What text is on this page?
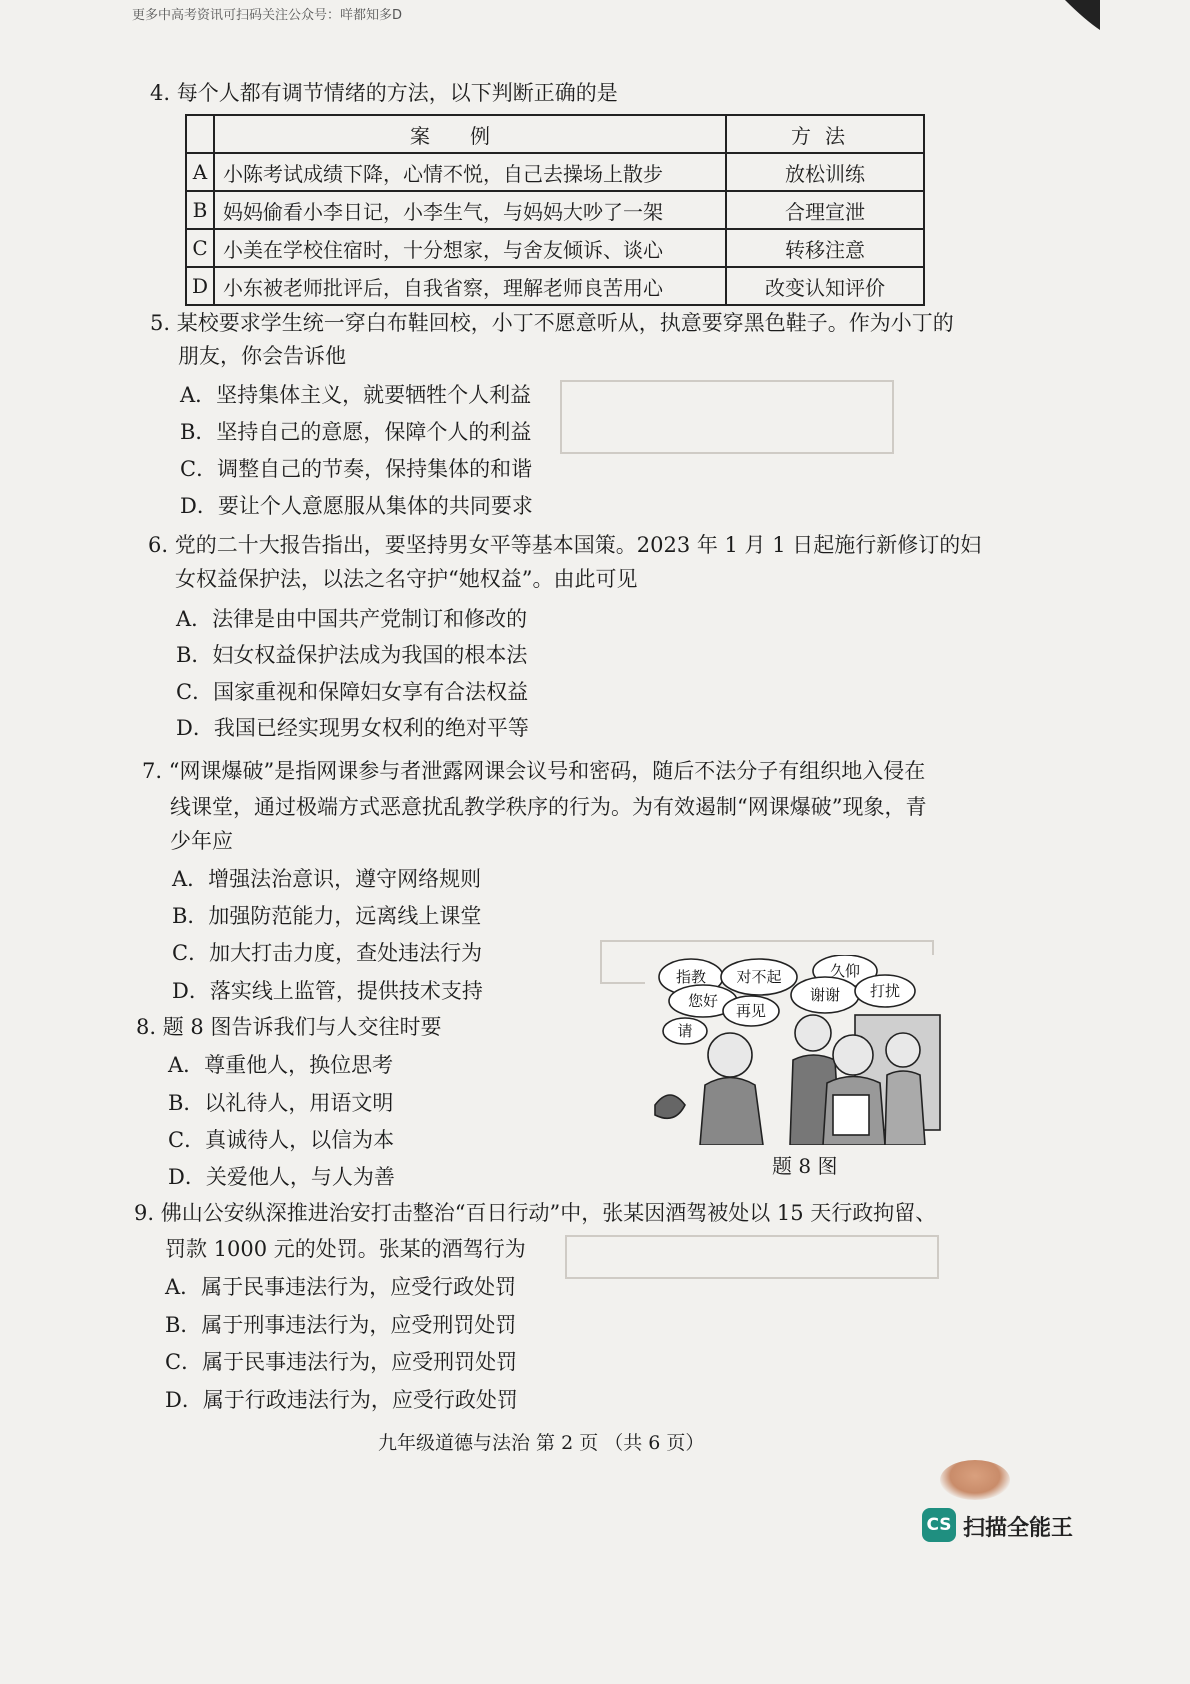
更多中高考资讯可扫码关注公众号：咩都知多D
4. 每个人都有调节情绪的方法，以下判断正确的是
	案例	方法
A	小陈考试成绩下降，心情不悦，自己去操场上散步	放松训练
B	妈妈偷看小李日记，小李生气，与妈妈大吵了一架	合理宣泄
C	小美在学校住宿时，十分想家，与舍友倾诉、谈心	转移注意
D	小东被老师批评后，自我省察，理解老师良苦用心	改变认知评价
5. 某校要求学生统一穿白布鞋回校，小丁不愿意听从，执意要穿黑色鞋子。作为小丁的
朋友，你会告诉他
A．坚持集体主义，就要牺牲个人利益
B．坚持自己的意愿，保障个人的利益
C．调整自己的节奏，保持集体的和谐
D．要让个人意愿服从集体的共同要求
6. 党的二十大报告指出，要坚持男女平等基本国策。2023 年 1 月 1 日起施行新修订的妇
女权益保护法，以法之名守护“她权益”。由此可见
A．法律是由中国共产党制订和修改的
B．妇女权益保护法成为我国的根本法
C．国家重视和保障妇女享有合法权益
D．我国已经实现男女权利的绝对平等
7. “网课爆破”是指网课参与者泄露网课会议号和密码，随后不法分子有组织地入侵在
线课堂，通过极端方式恶意扰乱教学秩序的行为。为有效遏制“网课爆破”现象，青
少年应
A．增强法治意识，遵守网络规则
B．加强防范能力，远离线上课堂
C．加大打击力度，查处违法行为
D．落实线上监管，提供技术支持
8. 题 8 图告诉我们与人交往时要
A．尊重他人，换位思考
B．以礼待人，用语文明
C．真诚待人，以信为本
D．关爱他人，与人为善
指教 对不起	久仰
您好
再见
谢谢 打扰
请
题 8 图
9. 佛山公安纵深推进治安打击整治“百日行动”中，张某因酒驾被处以 15 天行政拘留、
罚款 1000 元的处罚。张某的酒驾行为
A．属于民事违法行为，应受行政处罚
B．属于刑事违法行为，应受刑罚处罚
C．属于民事违法行为，应受刑罚处罚
D．属于行政违法行为，应受行政处罚
九年级道德与法治 第 2 页 （共 6 页）
CS 扫描全能王
